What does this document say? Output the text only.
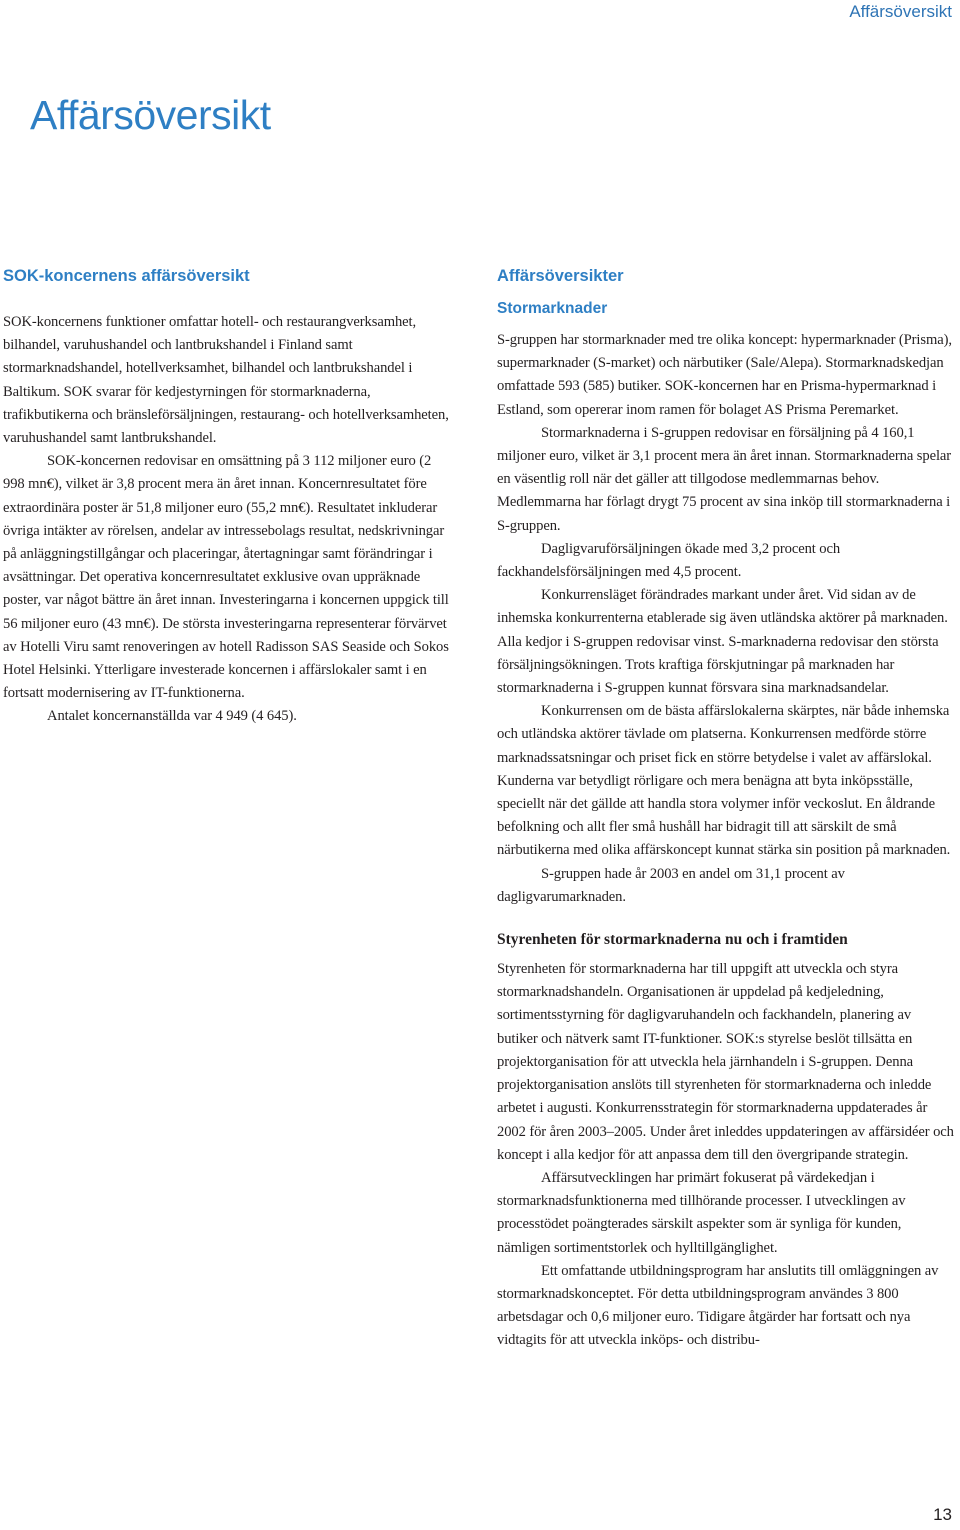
Affärsöversikt
Affärsöversikt
SOK-koncernens affärsöversikt

SOK-koncernens funktioner omfattar hotell- och restaurangverksamhet, bilhandel, varuhushandel och lantbrukshandel i Finland samt stormarknadshandel, hotellverksamhet, bilhandel och lantbrukshandel i Baltikum. SOK svarar för kedjestyrningen för stormarknaderna, trafikbutikerna och bränsleförsäljningen, restaurang- och hotellverksamheten, varuhushandel samt lantbrukshandel.

SOK-koncernen redovisar en omsättning på 3 112 miljoner euro (2 998 mn€), vilket är 3,8 procent mera än året innan. Koncernresultatet före extraordinära poster är 51,8 miljoner euro (55,2 mn€). Resultatet inkluderar övriga intäkter av rörelsen, andelar av intressebolags resultat, nedskrivningar på anläggningstillgångar och placeringar, återtagningar samt förändringar i avsättningar. Det operativa koncernresultatet exklusive ovan uppräknade poster, var något bättre än året innan. Investeringarna i koncernen uppgick till 56 miljoner euro (43 mn€). De största investeringarna representerar förvärvet av Hotelli Viru samt renoveringen av hotell Radisson SAS Seaside och Sokos Hotel Helsinki. Ytterligare investerade koncernen i affärslokaler samt i en fortsatt modernisering av IT-funktionerna.

Antalet koncernanställda var 4 949 (4 645).

Affärsöversikter
Stormarknader

S-gruppen har stormarknader med tre olika koncept: hypermarknader (Prisma), supermarknader (S-market) och närbutiker (Sale/Alepa). Stormarknadskedjan omfattade 593 (585) butiker. SOK-koncernen har en Prisma-hypermarknad i Estland, som opererar inom ramen för bolaget AS Prisma Peremarket.

Stormarknaderna i S-gruppen redovisar en försäljning på 4 160,1 miljoner euro, vilket är 3,1 procent mera än året innan. Stormarknaderna spelar en väsentlig roll när det gäller att tillgodose medlemmarnas behov. Medlemmarna har förlagt drygt 75 procent av sina inköp till stormarknaderna i S-gruppen.

Dagligvaruförsäljningen ökade med 3,2 procent och fackhandelsförsäljningen med 4,5 procent.

Konkurrensläget förändrades markant under året. Vid sidan av de inhemska konkurrenterna etablerade sig även utländska aktörer på marknaden. Alla kedjor i S-gruppen redovisar vinst. S-marknaderna redovisar den största försäljningsökningen. Trots kraftiga förskjutningar på marknaden har stormarknaderna i S-gruppen kunnat försvara sina marknadsandelar.

Konkurrensen om de bästa affärslokalerna skärptes, när både inhemska och utländska aktörer tävlade om platserna. Konkurrensen medförde större marknadssatsningar och priset fick en större betydelse i valet av affärslokal. Kunderna var betydligt rörligare och mera benägna att byta inköpsställe, speciellt när det gällde att handla stora volymer inför veckoslut. En åldrande befolkning och allt fler små hushåll har bidragit till att särskilt de små närbutikerna med olika affärskoncept kunnat stärka sin position på marknaden.

S-gruppen hade år 2003 en andel om 31,1 procent av dagligvarumarknaden.

Styrenheten för stormarknaderna nu och i framtiden

Styrenheten för stormarknaderna har till uppgift att utveckla och styra stormarknadshandeln. Organisationen är uppdelad på kedjeledning, sortimentsstyrning för dagligvaruhandeln och fackhandeln, planering av butiker och nätverk samt IT-funktioner. SOK:s styrelse beslöt tillsätta en projektorganisation för att utveckla hela järnhandeln i S-gruppen. Denna projektorganisation anslöts till styrenheten för stormarknaderna och inledde arbetet i augusti. Konkurrensstrategin för stormarknaderna uppdaterades år 2002 för åren 2003–2005. Under året inleddes uppdateringen av affärsidéer och koncept i alla kedjor för att anpassa dem till den övergripande strategin.

Affärsutvecklingen har primärt fokuserat på värdekedjan i stormarknadsfunktionerna med tillhörande processer. I utvecklingen av processtödet poängterades särskilt aspekter som är synliga för kunden, nämligen sortimentstorlek och hylltillgänglighet.

Ett omfattande utbildningsprogram har anslutits till omläggningen av stormarknadskonceptet. För detta utbildningsprogram användes 3 800 arbetsdagar och 0,6 miljoner euro. Tidigare åtgärder har fortsatt och nya vidtagits för att utveckla inköps- och distribu-

13
